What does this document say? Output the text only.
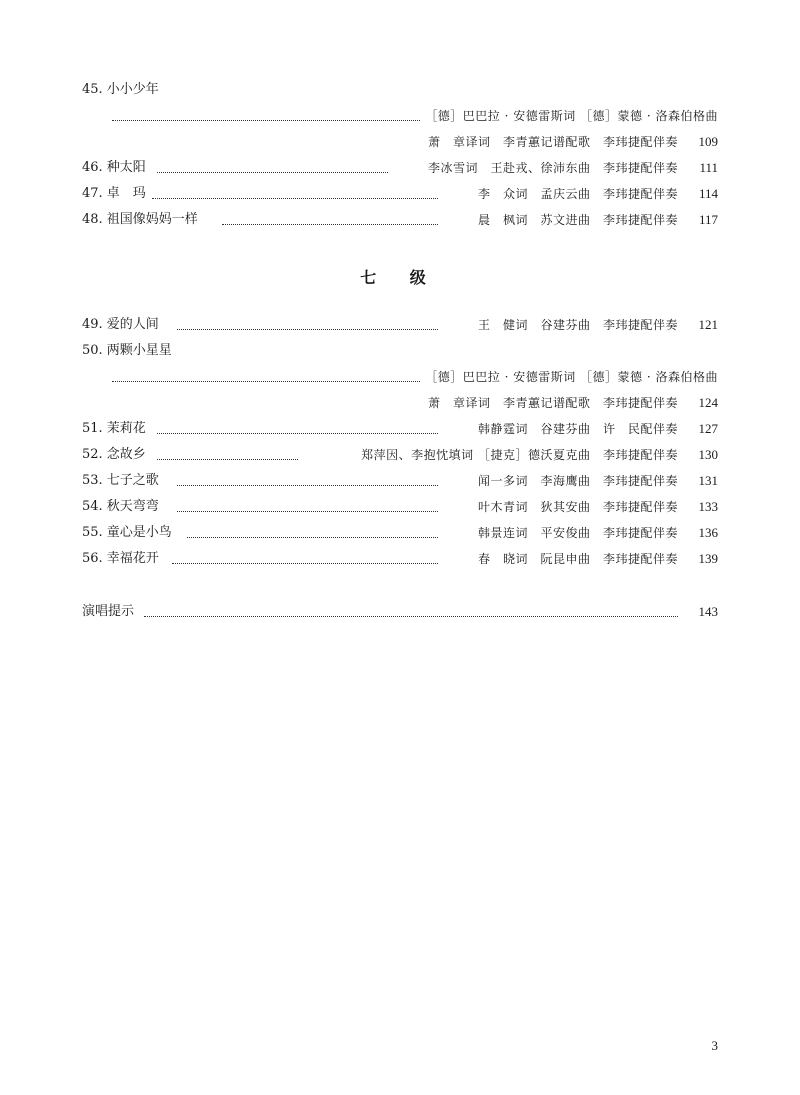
45. 小小少年
［德］巴巴拉 · 安德雷斯词 ［德］蒙德 · 洛森伯格曲
萧　章译词　李青蕙记谱配歌　李玮捷配伴奏	109
46. 种太阳	李冰雪词　王赴戎、徐沛东曲　李玮捷配伴奏	111
47. 卓　玛	李　众词　孟庆云曲　李玮捷配伴奏	114
48. 祖国像妈妈一样	晨　枫词　苏文进曲　李玮捷配伴奏	117
七 级
49. 爱的人间	王　健词　谷建芬曲　李玮捷配伴奏	121
50. 两颗小星星
［德］巴巴拉 · 安德雷斯词 ［德］蒙德 · 洛森伯格曲
萧　章译词　李青蕙记谱配歌　李玮捷配伴奏	124
51. 茉莉花	韩静霆词　谷建芬曲　许　民配伴奏	127
52. 念故乡	郑萍因、李抱忱填词 ［捷克］德沃夏克曲　李玮捷配伴奏	130
53. 七子之歌	闻一多词　李海鹰曲　李玮捷配伴奏	131
54. 秋天弯弯	叶木青词　狄其安曲　李玮捷配伴奏	133
55. 童心是小鸟	韩景连词　平安俊曲　李玮捷配伴奏	136
56. 幸福花开	春　晓词　阮昆申曲　李玮捷配伴奏	139
演唱提示	143
3
